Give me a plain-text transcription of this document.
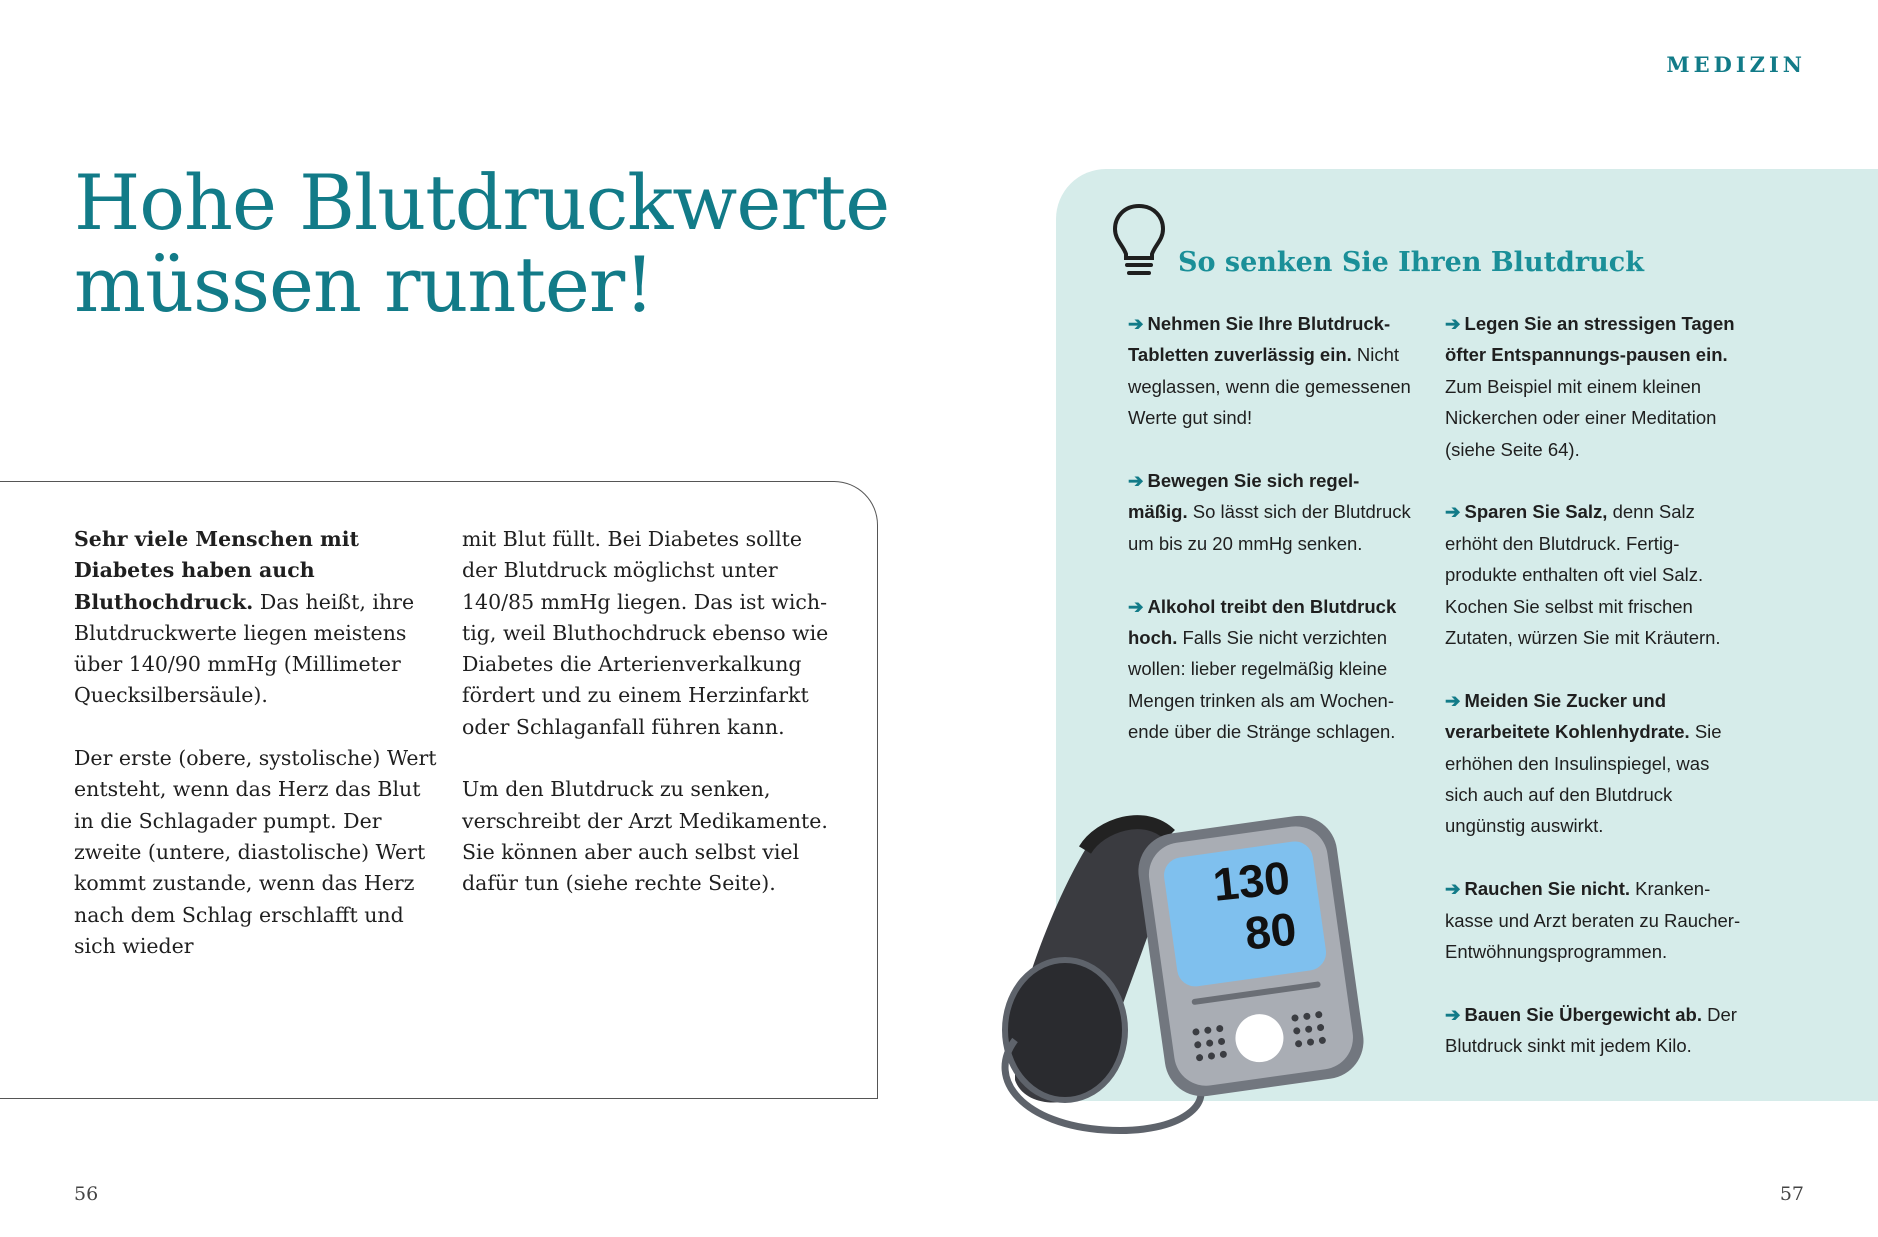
MEDIZIN
Hohe Blutdruckwerte
müssen runter!

Sehr viele Menschen mit Diabetes haben auch Bluthochdruck. Das heißt, ihre Blutdruckwerte liegen meistens über 140/90 mmHg (Millimeter Quecksilbersäule).

Der erste (obere, systolische) Wert entsteht, wenn das Herz das Blut in die Schlagader pumpt. Der zweite (untere, diastolische) Wert kommt zustande, wenn das Herz nach dem Schlag erschlafft und sich wieder

mit Blut füllt. Bei Diabetes sollte der Blutdruck möglichst unter 140/85 mmHg liegen. Das ist wich-tig, weil Bluthochdruck ebenso wie Diabetes die Arterienverkalkung fördert und zu einem Herzinfarkt oder Schlaganfall führen kann.

Um den Blutdruck zu senken, verschreibt der Arzt Medikamente. Sie können aber auch selbst viel dafür tun (siehe rechte Seite).

56	57
So senken Sie Ihren Blutdruck

➔ Nehmen Sie Ihre Blutdruck-Tabletten zuverlässig ein. Nicht weglassen, wenn die gemessenen Werte gut sind!

➔ Bewegen Sie sich regel-mäßig. So lässt sich der Blutdruck um bis zu 20 mmHg senken.

➔ Alkohol treibt den Blutdruck hoch. Falls Sie nicht verzichten wollen: lieber regelmäßig kleine Mengen trinken als am Wochen-ende über die Stränge schlagen.

➔ Legen Sie an stressigen Tagen öfter Entspannungs-pausen ein. Zum Beispiel mit einem kleinen Nickerchen oder einer Meditation (siehe Seite 64).

➔ Sparen Sie Salz, denn Salz erhöht den Blutdruck. Fertig-produkte enthalten oft viel Salz. Kochen Sie selbst mit frischen Zutaten, würzen Sie mit Kräutern.

➔ Meiden Sie Zucker und verarbeitete Kohlenhydrate. Sie erhöhen den Insulinspiegel, was sich auch auf den Blutdruck ungünstig auswirkt.

➔ Rauchen Sie nicht. Kranken-kasse und Arzt beraten zu Raucher-Entwöhnungsprogrammen.

➔ Bauen Sie Übergewicht ab. Der Blutdruck sinkt mit jedem Kilo.

130
80
